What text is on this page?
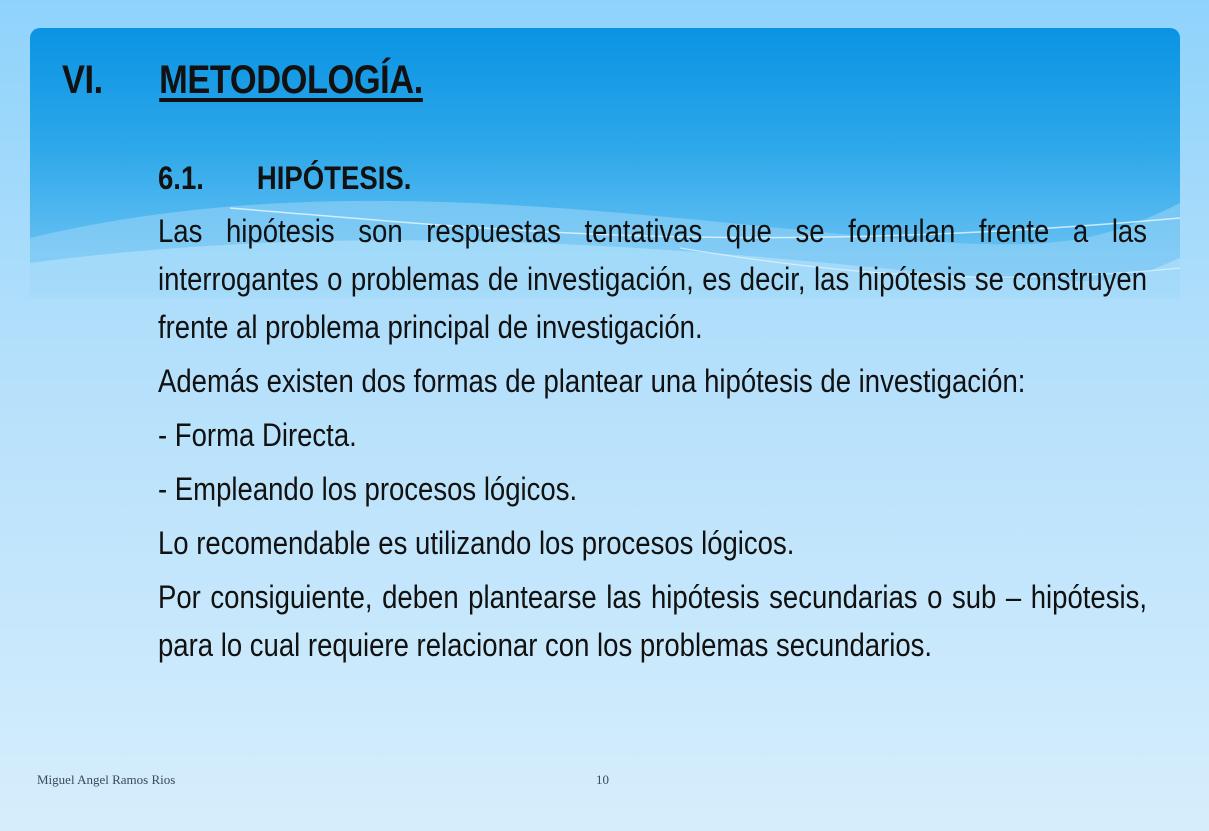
VI. METODOLOGÍA.
6.1. HIPÓTESIS.

Las hipótesis son respuestas tentativas que se formulan frente a las interrogantes o problemas de investigación, es decir, las hipótesis se construyen frente al problema principal de investigación.

Además existen dos formas de plantear una hipótesis de investigación:

- Forma Directa.

- Empleando los procesos lógicos.

Lo recomendable es utilizando los procesos lógicos.

Por consiguiente, deben plantearse las hipótesis secundarias o sub – hipótesis, para lo cual requiere relacionar con los problemas secundarios.

Miguel Angel Ramos Rios	10
